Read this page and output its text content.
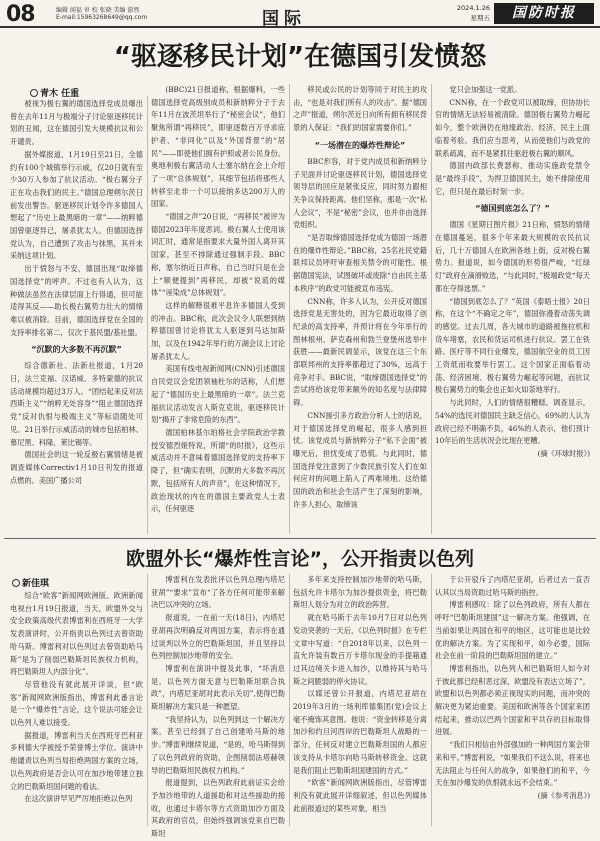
08	编辑 闻福 审 校 张晓 美编 游然
E-mail:15963268649@qq.com	国际
2024.1.26
星期五	国防时报
“驱逐移民计划”在德国引发愤怒
青木 任重

被视为极右翼的德国选择党成员爆出曾在去年11月与极端分子讨论驱逐移民计划的丑闻，这在德国引发大规模抗议和公开谴责。

据外媒报道，1月19日至21日，全德约有100个城镇举行示威，仅20日就有至少30万人参加了抗议活动。“极右翼分子正在攻击我们的民主。”德国总理朔尔茨日前发出警告。驱逐移民计划令许多德国人想起了“历史上最黑暗的一章”——纳粹德国曾驱逐异己，屠杀犹太人。但德国选择党认为，自己遭到了攻击与抹黑，其并未采纳这项计划。

出于愤怒与不安，德国出现“取缔德国选择党”的呼声。不过也有人认为，这种做法虽然在法律层面上行得通，但可能适得其反——助长极右翼势力壮大的情绪难以被消除。目前，德国选择党在全国的支持率排名第二，仅次于基民盟/基社盟。

“沉默的大多数不再沉默”

综合德新社、法新社报道，1月20日，法兰克福、汉诺威、多特蒙德的抗议活动规模均超过3万人。“团结起来反对法西斯主义”“纳粹无处容身”“阻止德国选择党”反对仇恨与极端主义”等标语随处可见。21日举行示威活动的城市包括柏林、慕尼黑、科隆、莱比锡等。

德国社会的这一轮反极右翼情绪是被调查媒体Correctiv1月10日刊发的报道点燃的。美国广播公司

(BBC)21日报道称，根据爆料，一些德国选择党高级别成员和新纳粹分子于去年11月在波茨坦举行了“秘密会议”，他们聚焦所谓“再移民”，即驱逐数百万寻求庇护者、“非同化”以及“外国背景”的“居民”——即使他们拥有护照或者公民身份。奥地利极右翼活动人士塞尔纳在会上介绍了一项“总体规划”，其细节包括将那些人转移至北非一个可以接纳多达200万人的国家。

“德国之声”20日说，“再移民”被评为德国2023年年度恶词。极右翼人士使用该词汇时，通常是指要求大量外国人离开其国家，甚至不排除通过强制手段。BBC称，塞尔纳近日声称，自己当时只是在会上“顺便提到”再移民，却被“说谎的媒体”“诬染成”总体规划”。

这样的解释很难平息许多德国人受到的冲击。BBC称，此次会议令人联想到纳粹德国曾讨论将犹太人驱逐到马达加斯加，以及在1942年举行的万湖会议上讨论屠杀犹太人。

美国有线电视新闻网(CNN)引述德国自民党议会党团领袖杜尔的话称，人们想起了“德国历史上最黑暗的一章”。法兰克福抗议活动发言人斯克克说，驱逐移民计划“揭开了非常危险的东西”。

德国柏林基尔珀格社会学院政治学教授安德烈娅特说，所谓“的时报》，这些示威活动并不意味着德国选择党的支持率下降了，但“确实表明，沉默的大多数不再沉默，包括所有人的声音”，在这种情况下，政治现状的内在的德国主要政党人士表示，任何驱逐

移民或公民的计划等同于对民主的攻击，“也是对我们所有人的攻击”。据“德国之声”报道，朔尔茨近日向所有拥有移民背景的人保证：“我们的国家需要你们。”

“一场潜在的爆炸性辩论”

BBC形容，对于党内成员和新纳粹分子见面并讨论驱逐移民计划，德国选择党领导层的回应是紧张反应，同时努力跟相关争议保持距离。他们坚称，那是一次“私人会议”，不是“秘密”会议，也并非由选择党组织。

“是否取缔德国选择党成为德国一场潜在的爆炸性辩论。”BBC称，25名社民党籍联邦议员呼吁审查相关禁令的可能性。根据德国宪法，试图破坏或废除“自由民主基本秩序”的政党可能被宣布违宪。

CNN称，许多人认为，公开反对德国选择党是无害处的，因为它最近取得了创纪录的高支持率，并预计将在今年举行的图林根州、萨克森州和勃兰登堡州选举中获胜——最新民调显示，该党在这三个东部联邦州的支持率都超过了30%，远高于竞争对手。BBC说，“取缔德国选择党”的尝试将给该党带来额外的知名度与法律障碍。

CNN援引多方政治分析人士的话说，对于德国选择党的崛起，很多人感到担忧。该党成员与新纳粹分子“私下会面”被曝光后，担忧变成了恐慌。与此同时，德国选择党注意到了少数民族引发人们在如何应对的问题上陷入了两难境地。这给德国的政治和社会生活产生了深刻的影响，许多人担心，取缔该

党只会加强这一党派。

CNN称，在一个政党可以被取缔，但协协长官的情绪无法轻易被清除。德国极右翼势力崛起如今，整个欧洲仍在地缘政治、经济、民主上面临着考验。我们应当思考，从而使他们与政党的联系疏离，而不是紧抓往驱赶极右翼的顺风。

德国内政部长费瑟称，推动实施政党禁令是“最终手段”，为捍卫德国民主，她不排除使用它，但只是在最后时刻一步。

“德国到底怎么了？”

德国《星期日图片报》21日称，愤怒的情绪在德国蔓延，很多个年来最大规模的农民抗议后，几十万德国人在欧洲各地上街，反对极右翼势力。报道说，如今德国的形势很严峻，“红绿灯”政府在滴滑败选，“与此同时，”极端政党“每天都在夺得选票。”

“德国到底怎么了？”英国《泰晤士报》20日称，在这个“不确定之年”，德国弥漫着动荡失调的感觉。过去几周，各大城市的道路被拖拉机和货车堵塞，农民和货运司机进行抗议。罢工在铁路、医疗等不同行业爆发，德国航空业的员工因工资低而收要举行罢工。这个国家正面临着动荡、经济困境、极右翼势力崛起等问题，而抗议极右翼势力的集会也正如火如荼地举行。

与此同时，人们的情绪很糟糕。调查显示，54%的选民对德国民主缺乏信心，69%的人认为政府已经不明确不负，46%的人表示，他们预计10年后的生活状况会比现在更糟。

(摘《环球时报》)
欧盟外长“爆炸性言论”，公开指责以色列
新佳琪

综合“欧客”新闻网欧洲版、欧洲新闻电视台1月19日报道，当天，欧盟外交与安全政策高级代表博雷利在西班牙一大学发表演讲时，公开指责以色列过去曾资助哈马斯。博雷利对以色列过去曾资助哈马斯”是为了削弱巴勒斯坦民族权力机构，将巴勒斯坦人内部分化”。

尽管他没有就此展开详谈，但“欧客”新闻网欧洲版指出，博雷利此番言论是一个“爆炸性”言论，这个说法可能会让以色列人难以接受。

据报道，博雷利当天在西班牙巴利亚多利德大学被授予荣誉博士学位。演讲中他谴责以色列当局拒绝两国方案的立场，以色列政府是否会认可在加沙地带建立独立的巴勒斯坦国问题的看法。

在这次演讲罕见严厉地拒绝以色列

博雷利在发表批评以色列总理内塔尼亚胡”“要求”宣布“了各方任何可能带来解决巴以冲突的立场。

报道说，一在前一天(18日)，内塔尼亚胡再次明确反对两国方案，表示将在通过谈判以外立的巴勒斯坦国，并且坚持以色列控制加沙地带的安全。

博雷利在演讲中提及此事，“坏消息是，以色列方面无意与巴勒斯坦联合执政”，内塔尼亚胡对此表示关切”,使得巴勒斯坦解决方案只是一种愿望。

“我坚持认为，以色列到这一个解决方案，甚至已经到了自己创建哈马斯的地步。”博雷利继续说道，“是的，哈马斯得到了以色列政府的资助，企图削弱法塔赫领导的巴勒斯坦民族权力机构。”

报道提到，以色列政府此前证实会给予加沙地带的人道援助和对这些援助的接收，也通过卡塔尔等方式资助加沙方面及其政府的官员，但始终强调该党来自巴勒斯坦

多年来支持控制加沙地带的哈马斯，包括允许卡塔尔为加沙提供资金，将巴勒斯坦人划分为对立的政治阵营。

就在哈马斯于去年10月7日对以色列发动突袭的一天后，《以色列时报》在专栏文章中写道：“自2018年以来，以色列一直允许装有数百万卡塔尔现金的手提箱通过其边境关卡进入加沙，以维持其与哈马斯之间脆弱的停火协议。

以媒还曾公开报道，内塔尼亚胡在2019年3月的一场利库德集团(党)会议上毫不掩饰其意图。他说：“资金转移是分离加沙和约旦河西岸的巴勒斯坦人战略的一部分，任何反对建立巴勒斯坦国的人都应该支持从卡塔尔向哈马斯转移资金。这就是我们阻止巴勒斯坦国建国的方式。”

“欧客”新闻网欧洲版指出，尽管博雷利没有就此展开详细叙述，但以色列媒体此前报道过的某些对象，相当

于公开驳斥了内塔尼亚胡，后者过去一直否认其以当局资助过哈马斯的指控。

博雷利感叹：除了以色列政府，所有人都在呼吁“巴勒斯坦建国”这一解决方案。他强调，在当前如果让两国在和平的地区，这可能也是比较优的解决方案。为了实现和平，如今必要，国际社会在前一阶段的巴勒斯坦国的建立。”

博雷利指出，以色列人和巴勒斯坦人如今对于彼此都已经积恶过深，欧盟没有表达立场了”，欧盟和以色列都必须正视现实的问题，而冲突的解决更为紧迫重要。美国和欧洲等各个国家来团结起来，推动以巴两个国家和平共存的目标取得进展。

“我们只相信由外部强加的一种两国方案会带来和平。”博雷利说，“如果我们不这么说，将来也无法阻止与任何人的战争，如果他们的和平，今天在加沙爆发的仇恨就永远不会结束。”

(摘《参考消息》)
